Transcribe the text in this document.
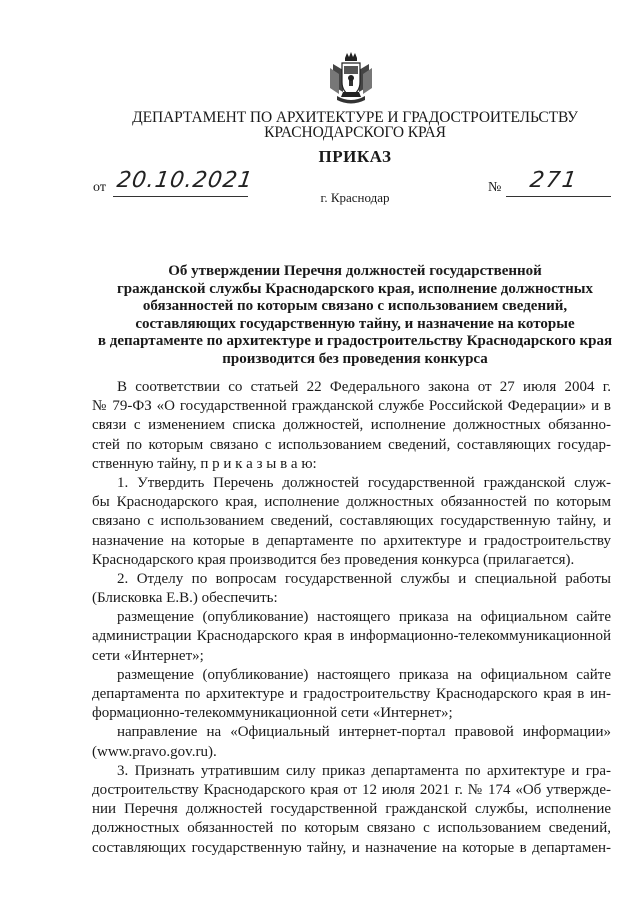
ДЕПАРТАМЕНТ ПО АРХИТЕКТУРЕ И ГРАДОСТРОИТЕЛЬСТВУ
КРАСНОДАРСКОГО КРАЯ
ПРИКАЗ
от 20.10.2021	№ 271
г. Краснодар
Об утверждении Перечня должностей государственной
гражданской службы Краснодарского края, исполнение должностных
обязанностей по которым связано с использованием сведений,
составляющих государственную тайну, и назначение на которые
в департаменте по архитектуре и градостроительству Краснодарского края
производится без проведения конкурса
В соответствии со статьей 22 Федерального закона от 27 июля 2004 г.
№ 79-ФЗ «О государственной гражданской службе Российской Федерации» и в
связи с изменением списка должностей, исполнение должностных обязанно-
стей по которым связано с использованием сведений, составляющих государ-
ственную тайну, п р и к а з ы в а ю:
1. Утвердить Перечень должностей государственной гражданской служ-
бы Краснодарского края, исполнение должностных обязанностей по которым
связано с использованием сведений, составляющих государственную тайну, и
назначение на которые в департаменте по архитектуре и градостроительству
Краснодарского края производится без проведения конкурса (прилагается).
2. Отделу по вопросам государственной службы и специальной работы
(Блисковка Е.В.) обеспечить:
размещение (опубликование) настоящего приказа на официальном сайте
администрации Краснодарского края в информационно-телекоммуникационной
сети «Интернет»;
размещение (опубликование) настоящего приказа на официальном сайте
департамента по архитектуре и градостроительству Краснодарского края в ин-
формационно-телекоммуникационной сети «Интернет»;
направление на «Официальный интернет-портал правовой информации»
(www.pravo.gov.ru).
3. Признать утратившим силу приказ департамента по архитектуре и гра-
достроительству Краснодарского края от 12 июля 2021 г. № 174 «Об утвержде-
нии Перечня должностей государственной гражданской службы, исполнение
должностных обязанностей по которым связано с использованием сведений,
составляющих государственную тайну, и назначение на которые в департамен-
